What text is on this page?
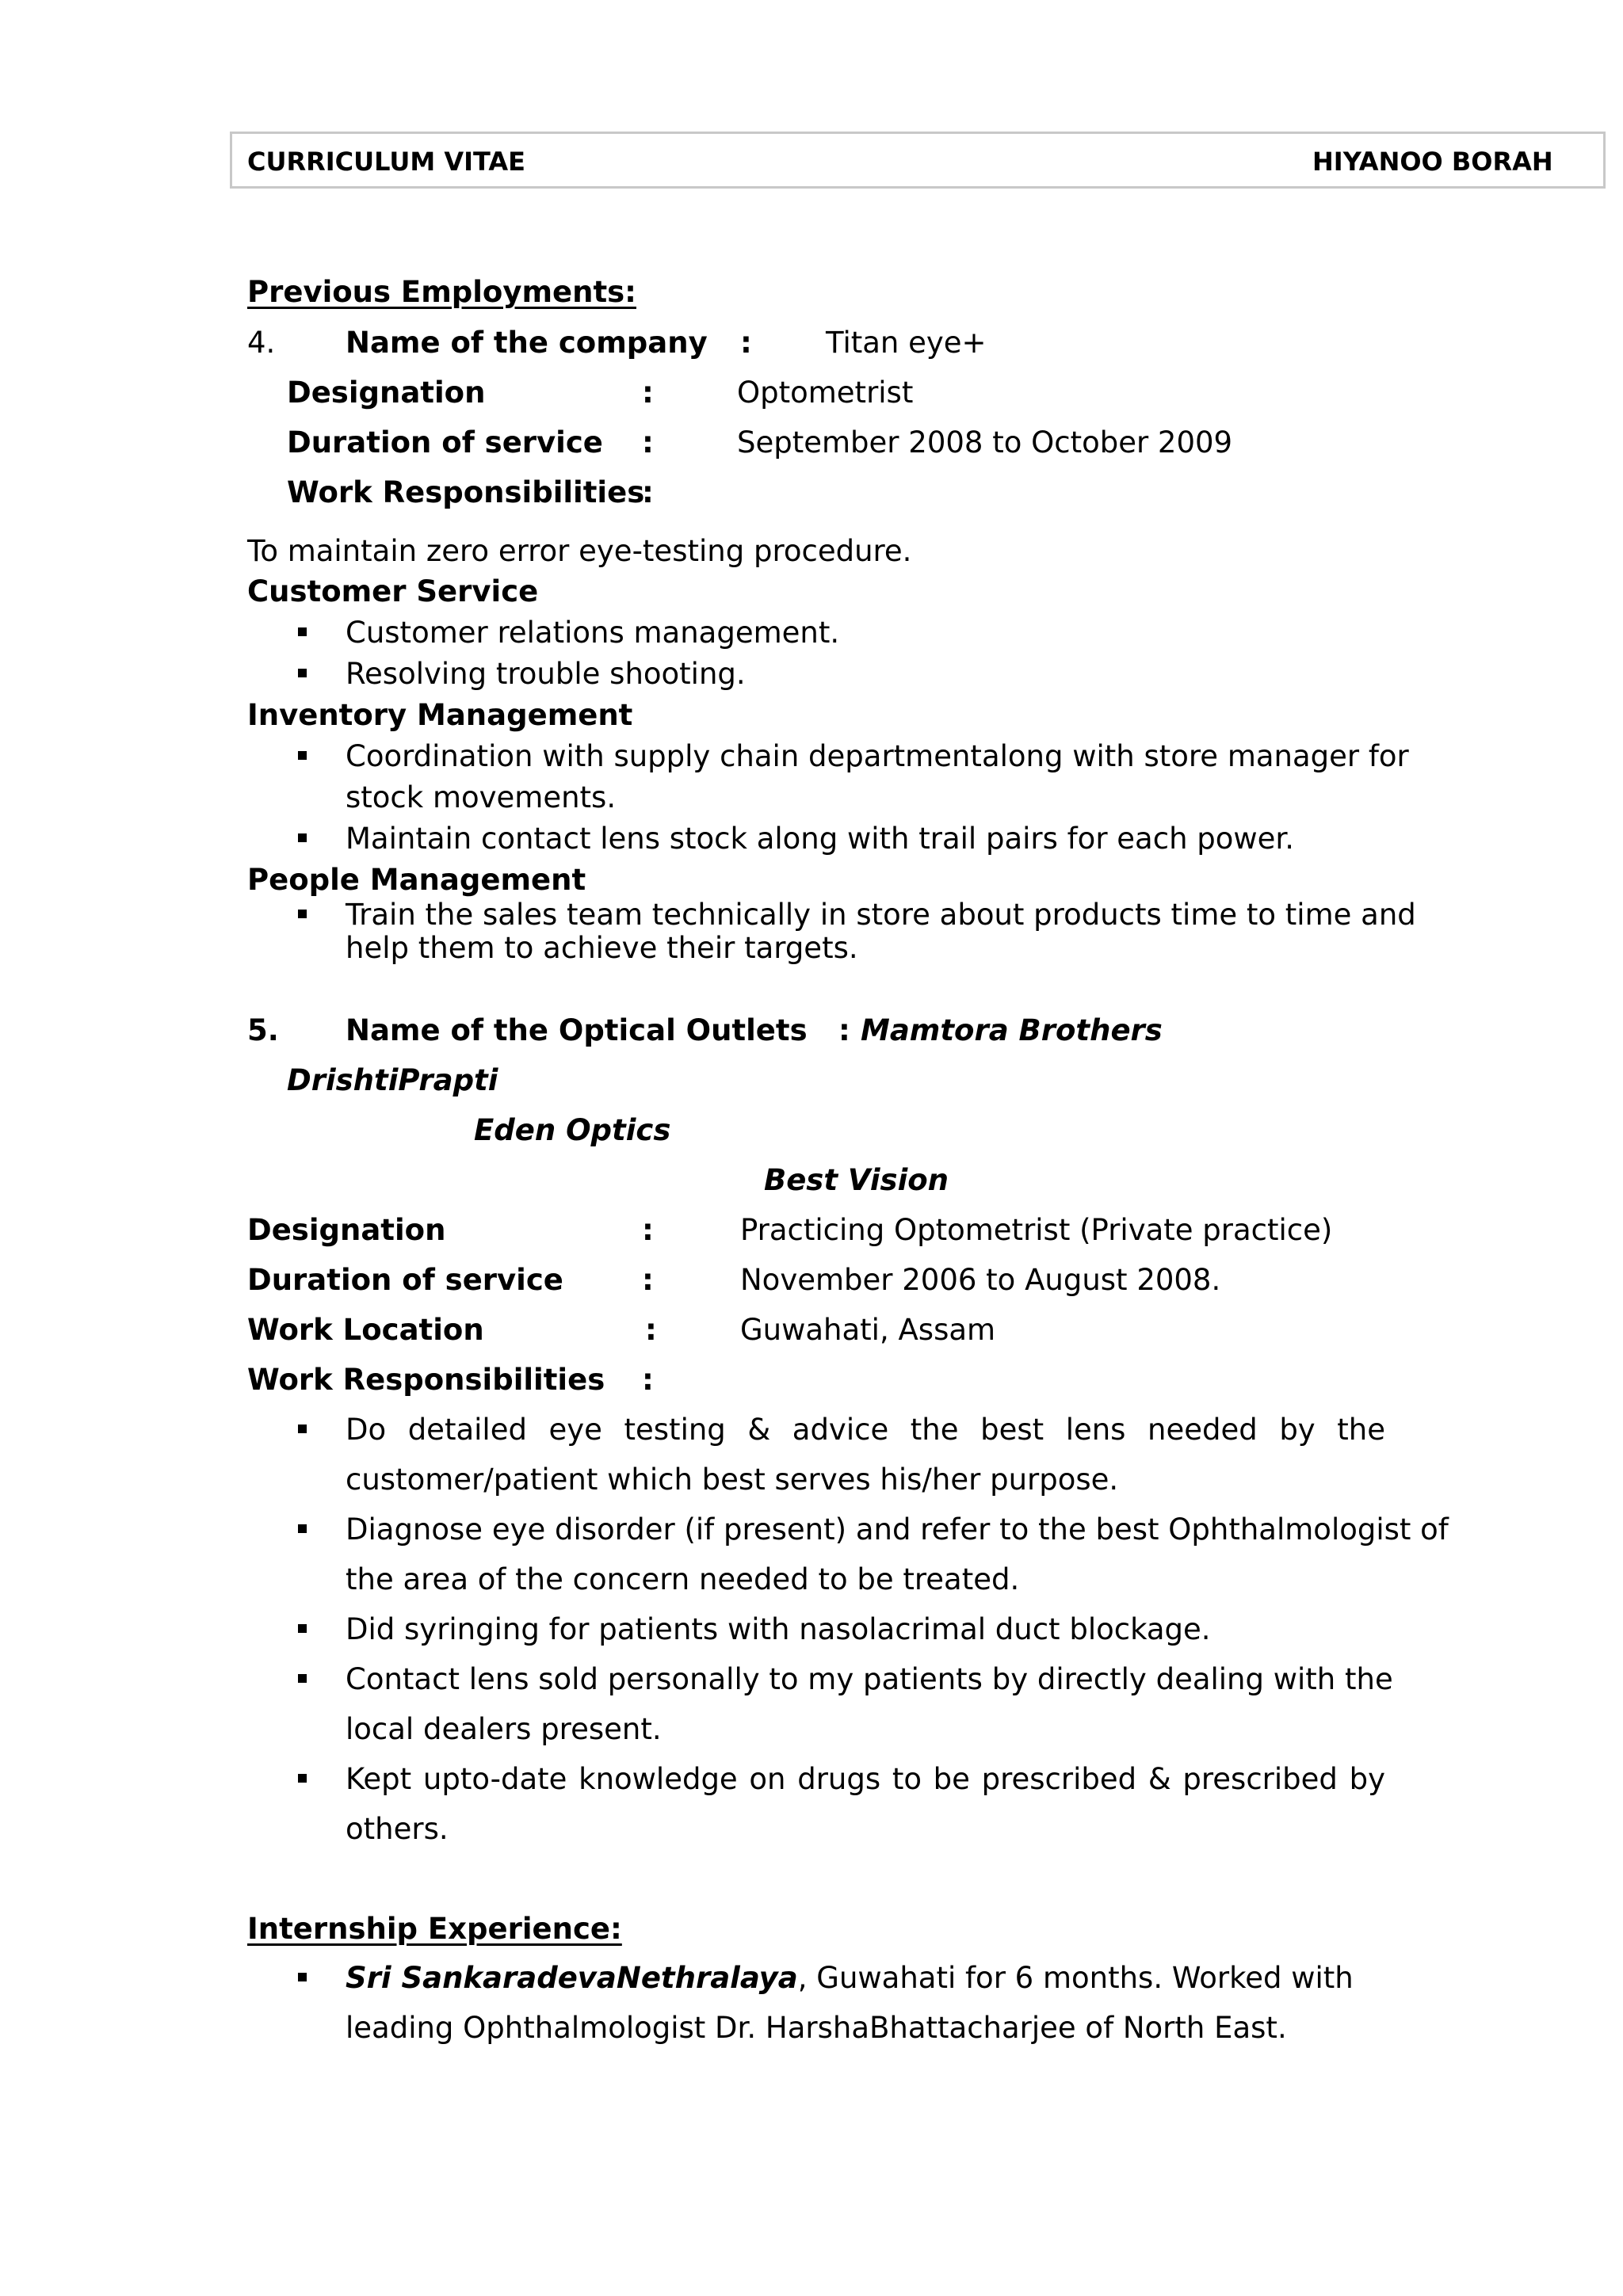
CURRICULUM VITAE	HIYANOO BORAH
Previous Employments:
4. Name of the company :	Titan eye+
Designation	:	Optometrist
Duration of service :	September 2008 to October 2009
Work Responsibilities
:
To maintain zero error eye-testing procedure.
Customer Service
Customer relations management.
Resolving trouble shooting.
Inventory Management
Coordination with supply chain departmentalong with store manager for
stock movements.
Maintain contact lens stock along with trail pairs for each power.
People Management
Train the sales team technically in store about products time to time and
help them to achieve their targets.
5. Name of the Optical Outlets : Mamtora Brothers
DrishtiPrapti
Eden Optics
Best Vision
Designation	:	Practicing Optometrist (Private practice)
Duration of service	:	November 2006 to August 2008.
Work Location	:	Guwahati, Assam
Work Responsibilities :
Do detailed eye testing & advice the best lens needed by the
customer/patient which best serves his/her purpose.
Diagnose eye disorder (if present) and refer to the best Ophthalmologist of
the area of the concern needed to be treated.
Did syringing for patients with nasolacrimal duct blockage.
Contact lens sold personally to my patients by directly dealing with the
local dealers present.
Kept upto-date knowledge on drugs to be prescribed & prescribed by
others.
Internship Experience:
Sri SankaradevaNethralaya, Guwahati for 6 months. Worked with
leading Ophthalmologist Dr. HarshaBhattacharjee of North East.
